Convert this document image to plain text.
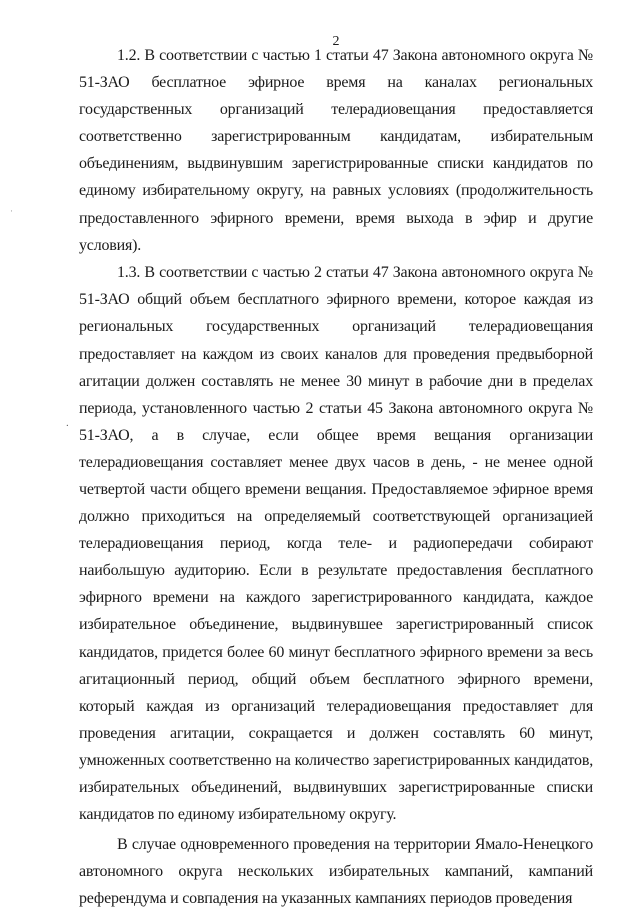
2
·
.

1.2. В соответствии с частью 1 статьи 47 Закона автономного округа № 51-ЗАО бесплатное эфирное время на каналах региональных государственных организаций телерадиовещания предоставляется соответственно зарегистрированным кандидатам, избирательным объединениям, выдвинувшим зарегистрированные списки кандидатов по единому избирательному округу, на равных условиях (продолжительность предоставленного эфирного времени, время выхода в эфир и другие условия).

1.3. В соответствии с частью 2 статьи 47 Закона автономного округа № 51-ЗАО общий объем бесплатного эфирного времени, которое каждая из региональных государственных организаций телерадиовещания предоставляет на каждом из своих каналов для проведения предвыборной агитации должен составлять не менее 30 минут в рабочие дни в пределах периода, установленного частью 2 статьи 45 Закона автономного округа № 51-ЗАО, а в случае, если общее время вещания организации телерадиовещания составляет менее двух часов в день, - не менее одной четвертой части общего времени вещания. Предоставляемое эфирное время должно приходиться на определяемый соответствующей организацией телерадиовещания период, когда теле- и радиопередачи собирают наибольшую аудиторию. Если в результате предоставления бесплатного эфирного времени на каждого зарегистрированного кандидата, каждое избирательное объединение, выдвинувшее зарегистрированный список кандидатов, придется более 60 минут бесплатного эфирного времени за весь агитационный период, общий объем бесплатного эфирного времени, который каждая из организаций телерадиовещания предоставляет для проведения агитации, сокращается и должен составлять 60 минут, умноженных соответственно на количество зарегистрированных кандидатов, избирательных объединений, выдвинувших зарегистрированные списки кандидатов по единому избирательному округу.

В случае одновременного проведения на территории Ямало-Ненецкого автономного округа нескольких избирательных кампаний, кампаний референдума и совпадения на указанных кампаниях периодов проведения
